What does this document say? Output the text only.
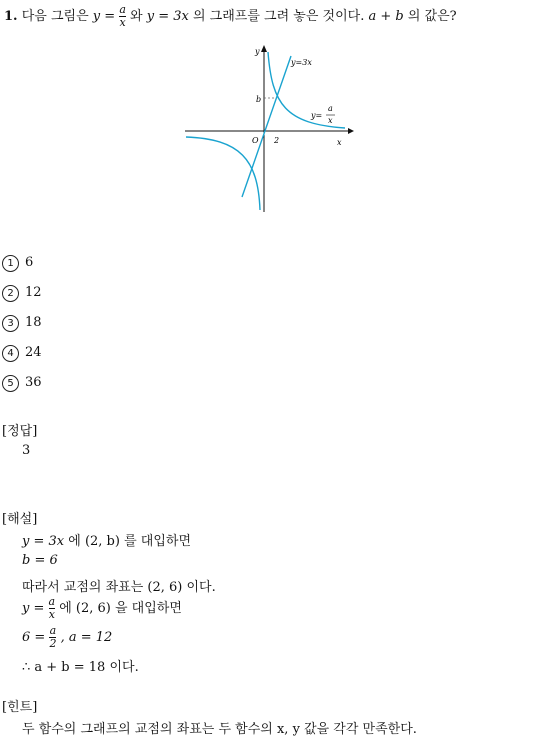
1. 다음 그림은 $y = \frac{a}{x}$ 와 y = 3x 의 그래프를 그려 놓은 것이다. a + b 의 값은?
y
x
O
b
2
y=3x
y=
a
x
1 6
2 12
3 18
4 24
5 36
[정답]
3
[해설]
y = 3x 에 (2, b) 를 대입하면
b = 6
따라서 교점의 좌표는 (2, 6) 이다.
$y = \frac{a}{x}$ 에 (2, 6) 을 대입하면
$6 = \frac{a}{2}$ , a = 12
∴ a + b = 18 이다.
[힌트]
두 함수의 그래프의 교점의 좌표는 두 함수의 x, y 값을 각각 만족한다.
